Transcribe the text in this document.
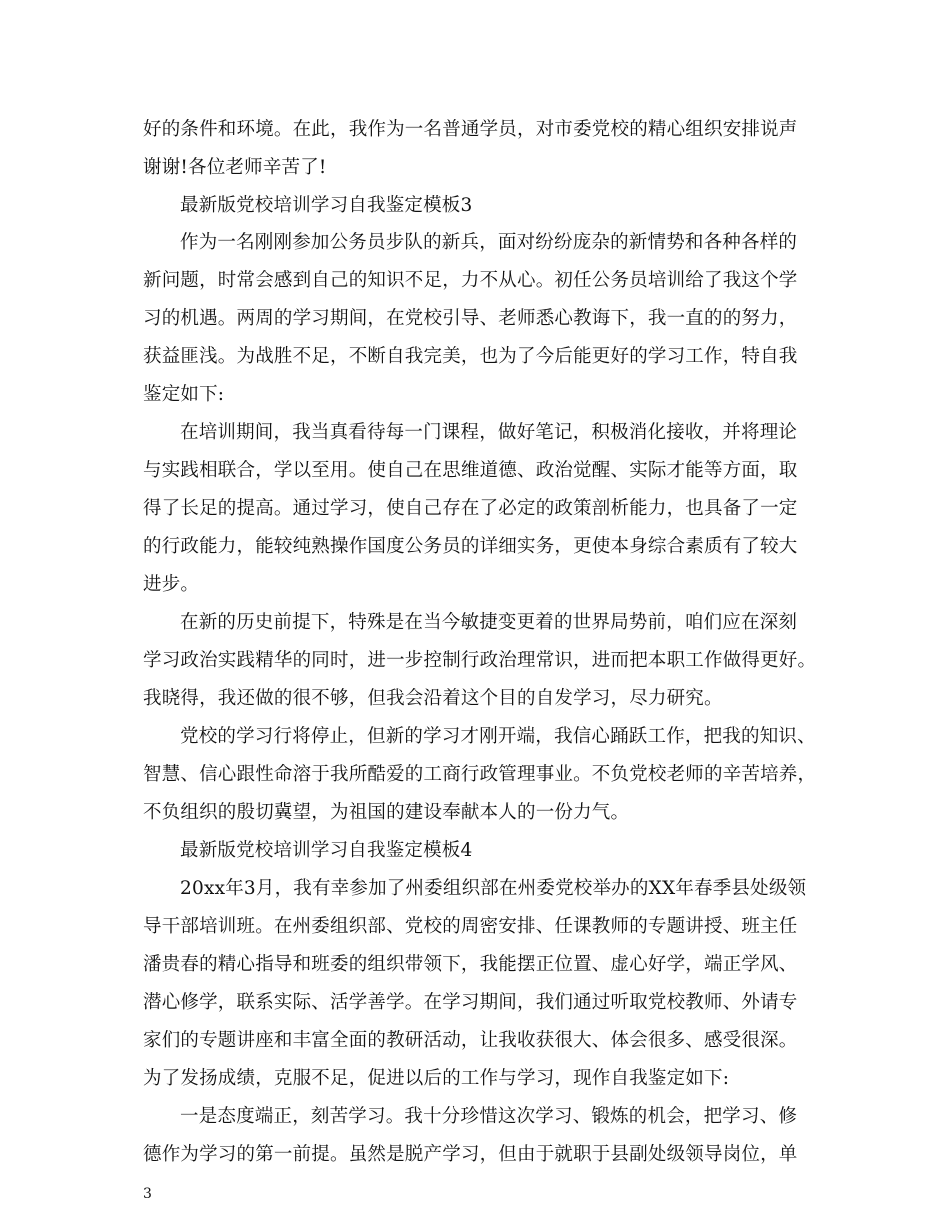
好的条件和环境。在此，我作为一名普通学员，对市委党校的精心组织安排说声
谢谢!各位老师辛苦了!
最新版党校培训学习自我鉴定模板3
作为一名刚刚参加公务员步队的新兵，面对纷纷庞杂的新情势和各种各样的
新问题，时常会感到自己的知识不足，力不从心。初任公务员培训给了我这个学
习的机遇。两周的学习期间，在党校引导、老师悉心教诲下，我一直的的努力，
获益匪浅。为战胜不足，不断自我完美，也为了今后能更好的学习工作，特自我
鉴定如下:
在培训期间，我当真看待每一门课程，做好笔记，积极消化接收，并将理论
与实践相联合，学以至用。使自己在思维道德、政治觉醒、实际才能等方面，取
得了长足的提高。通过学习，使自己存在了必定的政策剖析能力，也具备了一定
的行政能力，能较纯熟操作国度公务员的详细实务，更使本身综合素质有了较大
进步。
在新的历史前提下，特殊是在当今敏捷变更着的世界局势前，咱们应在深刻
学习政治实践精华的同时，进一步控制行政治理常识，进而把本职工作做得更好。
我晓得，我还做的很不够，但我会沿着这个目的自发学习，尽力研究。
党校的学习行将停止，但新的学习才刚开端，我信心踊跃工作，把我的知识、
智慧、信心跟性命溶于我所酷爱的工商行政管理事业。不负党校老师的辛苦培养，
不负组织的殷切冀望，为祖国的建设奉献本人的一份力气。
最新版党校培训学习自我鉴定模板4
20xx年3月，我有幸参加了州委组织部在州委党校举办的XX年春季县处级领
导干部培训班。在州委组织部、党校的周密安排、任课教师的专题讲授、班主任
潘贵春的精心指导和班委的组织带领下，我能摆正位置、虚心好学，端正学风、
潜心修学，联系实际、活学善学。在学习期间，我们通过听取党校教师、外请专
家们的专题讲座和丰富全面的教研活动，让我收获很大、体会很多、感受很深。
为了发扬成绩，克服不足，促进以后的工作与学习，现作自我鉴定如下:
一是态度端正，刻苦学习。我十分珍惜这次学习、锻炼的机会，把学习、修
德作为学习的第一前提。虽然是脱产学习，但由于就职于县副处级领导岗位，单
3
